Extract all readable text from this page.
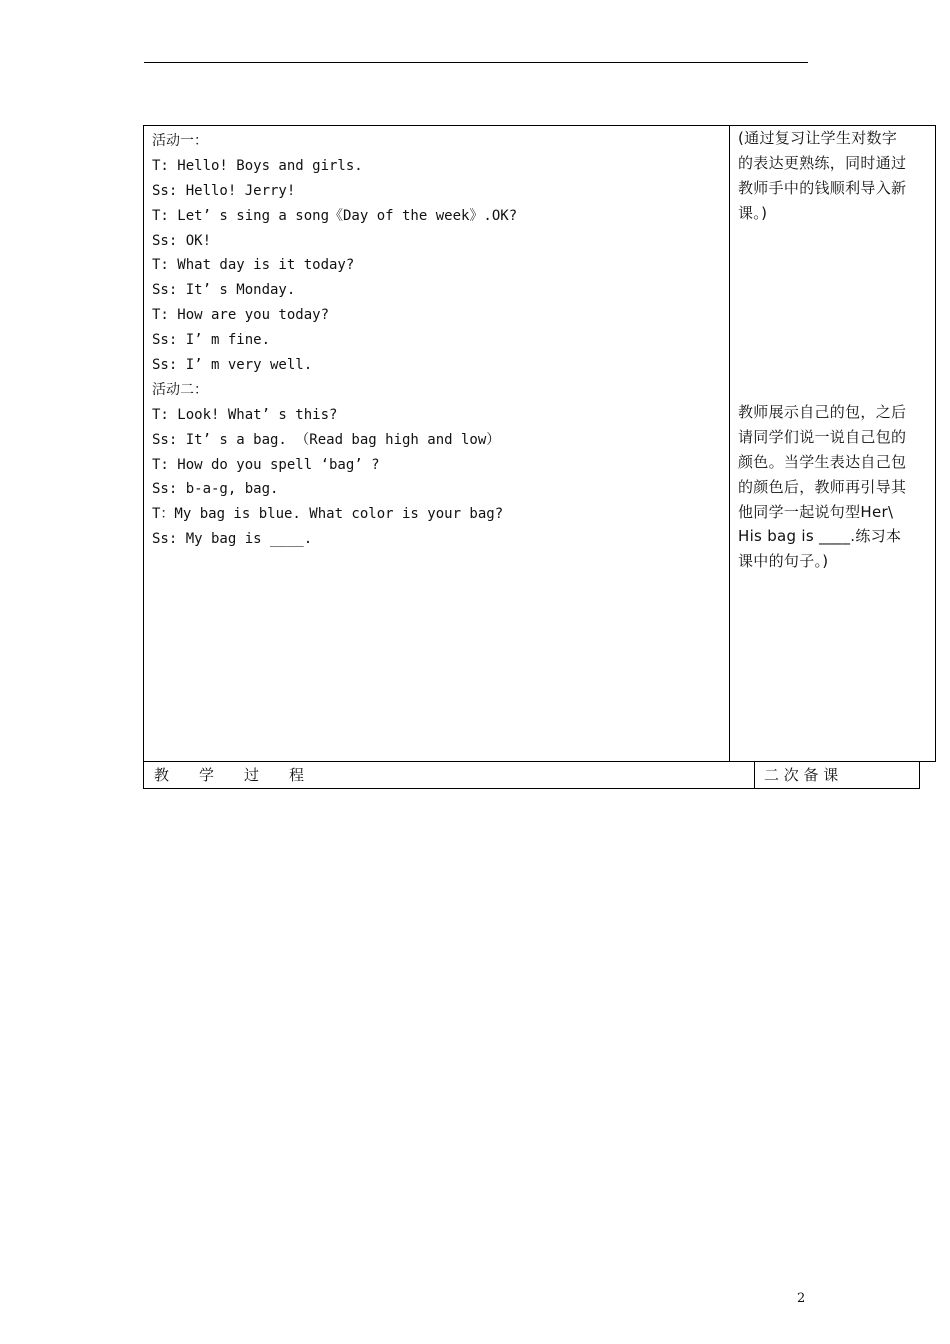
活动一：
T: Hello! Boys and girls.
Ss: Hello! Jerry!
T: Let’ s sing a song《Day of the week》.OK?
Ss: OK!
T: What day is it today?
Ss: It’ s Monday.
T: How are you today?
Ss: I’ m fine.
Ss: I’ m very well.
活动二：
T: Look! What’ s this?
Ss: It’ s a bag. （Read bag high and low）
T: How do you spell ‘bag’ ?
Ss: b-a-g, bag.
T：My bag is blue. What color is your bag?
Ss: My bag is ____.
(通过复习让学生对数字
的表达更熟练，同时通过
教师手中的钱顺利导入新
课。)
教师展示自己的包，之后
请同学们说一说自己包的
颜色。当学生表达自己包
的颜色后，教师再引导其
他同学一起说句型Her\
His bag is ____.练习本
课中的句子。)
教　　学　　过　　程	二 次 备 课
2
